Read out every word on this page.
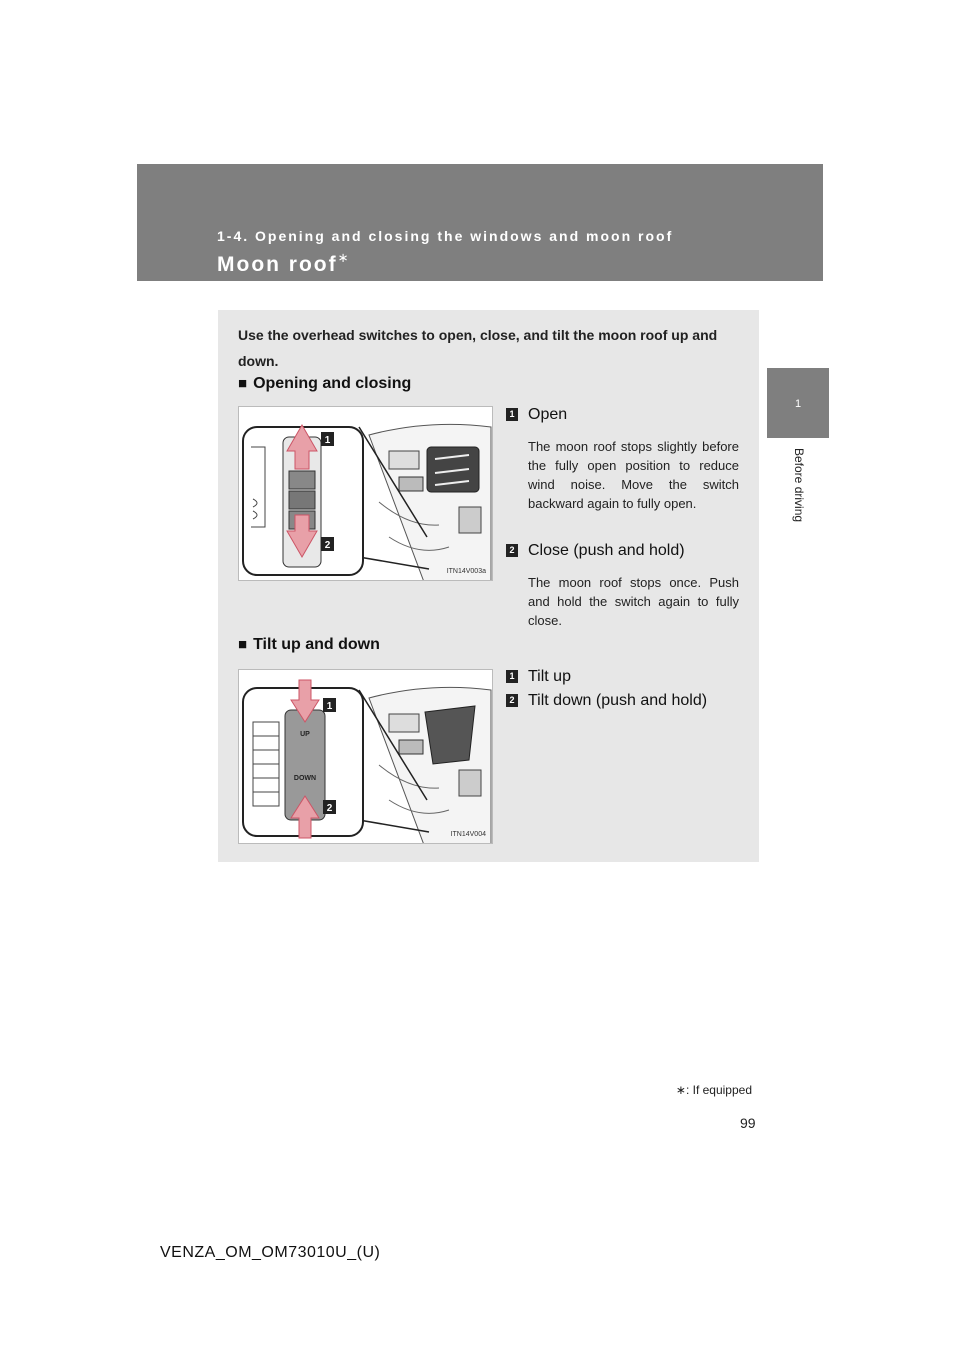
1-4. Opening and closing the windows and moon roof
Moon roof∗
1
Before driving
Use the overhead switches to open, close, and tilt the moon roof up and down.
■ Opening and closing
1
2
ITN14V003a
1 Open
The moon roof stops slightly before the fully open position to reduce wind noise. Move the switch backward again to fully open.
2 Close (push and hold)
The moon roof stops once. Push and hold the switch again to fully close.
■ Tilt up and down
UP
DOWN
1
2
ITN14V004
1 Tilt up
2 Tilt down (push and hold)
∗: If equipped
99
VENZA_OM_OM73010U_(U)
